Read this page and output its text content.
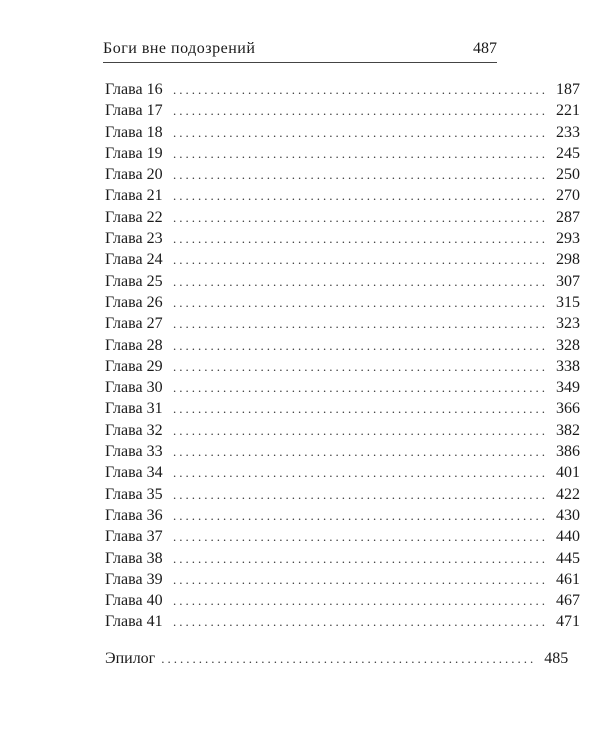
Боги вне подозрений	487
Глава 16 ............................................................ 187
Глава 17 ............................................................ 221
Глава 18 ............................................................ 233
Глава 19 ............................................................ 245
Глава 20 ............................................................ 250
Глава 21 ............................................................ 270
Глава 22 ............................................................ 287
Глава 23 ............................................................ 293
Глава 24 ............................................................ 298
Глава 25 ............................................................ 307
Глава 26 ............................................................ 315
Глава 27 ............................................................ 323
Глава 28 ............................................................ 328
Глава 29 ............................................................ 338
Глава 30 ............................................................ 349
Глава 31 ............................................................ 366
Глава 32 ............................................................ 382
Глава 33 ............................................................ 386
Глава 34 ............................................................ 401
Глава 35 ............................................................ 422
Глава 36 ............................................................ 430
Глава 37 ............................................................ 440
Глава 38 ............................................................ 445
Глава 39 ............................................................ 461
Глава 40 ............................................................ 467
Глава 41 ............................................................ 471
Эпилог ............................................................ 485
